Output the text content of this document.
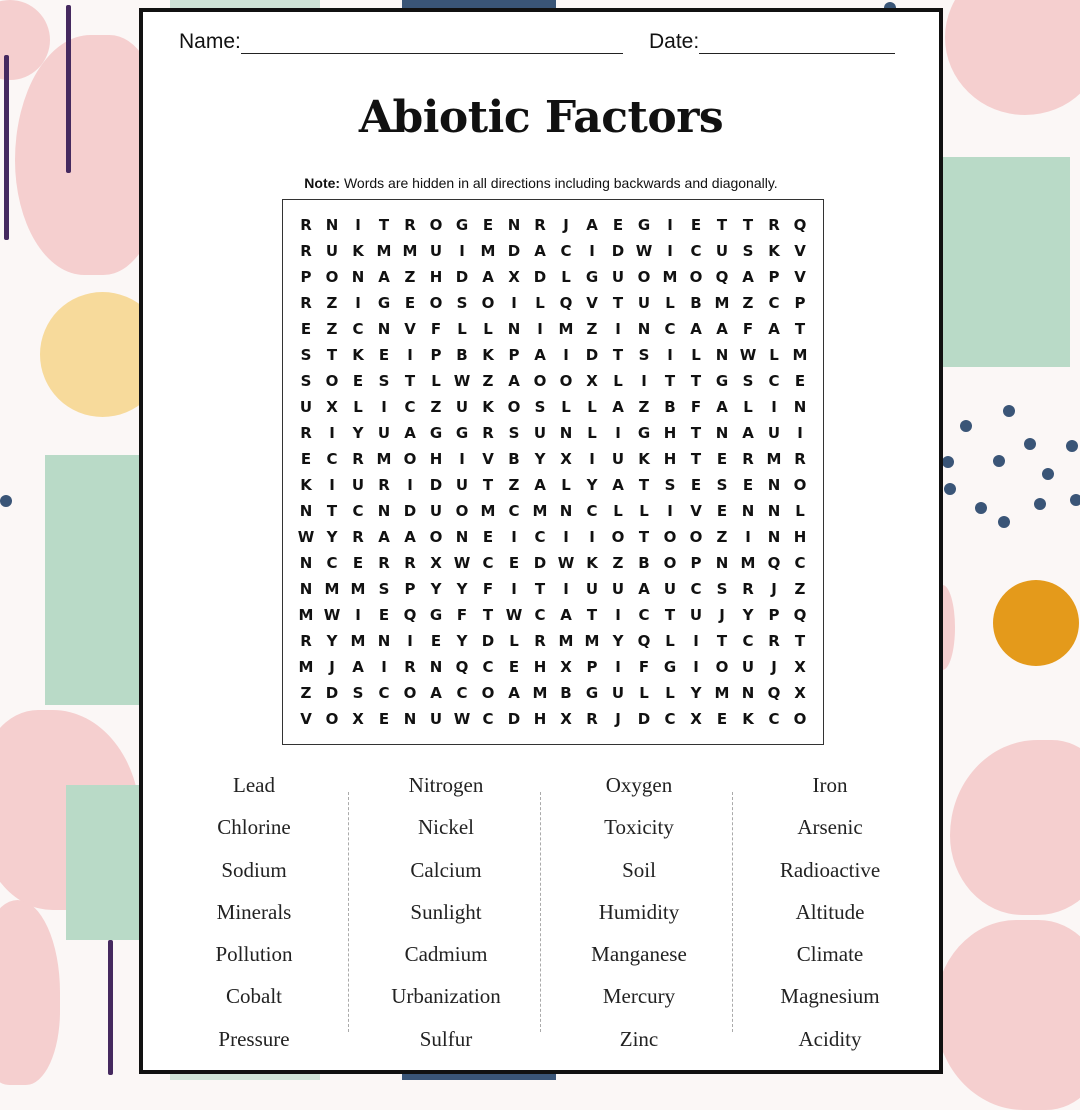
Name:	Date:
Abiotic Factors
Note: Words are hidden in all directions including backwards and diagonally.
R N	I	T	R O G E N R	J	A	E G	I	E	T	T	R Q
R U K M M U	I	M D A C	I	D W I	C U S K V
P O N A Z H D A X D	L	G U O M O Q A P V
R Z	I	G E O S O	I	L Q V	T U	L	B M Z	C	P
E	Z	C N V	F	L	L N	I	M Z	I	N C A A	F	A	T
S	T	K	E	I	P B K P A	I	D T	S	I	L N W L M
S O E	S	T	L W Z A O O X	L	I	T	T G S	C	E
U X	L	I	C	Z U K O S	L	L	A Z B	F	A	L	I	N
R	I	Y U A G G R S U N L	I	G H T N A U	I
E	C R M O H	I	V B Y X	I	U K H T	E	R M R
K	I	U R	I	D U T	Z A	L	Y A	T	S	E	S	E N O
N T	C N D U O M C M N C	L	L	I	V	E N N L
W Y R A A O N E	I	C	I	I	O T O O Z	I	N H
N C	E	R R X W C	E D W K Z B O P N M Q C
N M M S	P	Y	Y	F	I	T	I	U U A U C	S R	J	Z
M W I	E Q G F	T W C A	T	I	C	T U	J	Y	P Q
R Y M N	I	E	Y D	L	R M M Y Q L	I	T	C R	T
M	J	A	I	R N Q C	E H X P	I	F G	I	O U	J	X
Z D S	C O A C O A M B G U	L	L	Y M N Q X
V O X	E N U W C D H X R	J	D C X	E	K C O
Lead
Chlorine
Sodium
Minerals
Pollution
Cobalt
Pressure
Nitrogen
Nickel
Calcium
Sunlight
Cadmium
Urbanization
Sulfur
Oxygen
Toxicity
Soil
Humidity
Manganese
Mercury
Zinc
Iron
Arsenic
Radioactive
Altitude
Climate
Magnesium
Acidity
